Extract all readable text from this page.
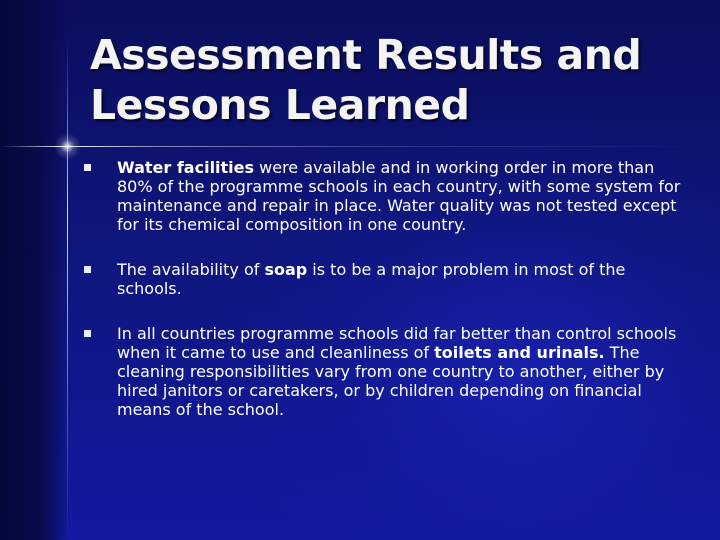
Assessment Results and
Lessons Learned
Water facilities were available and in working order in more than 80% of the programme schools in each country, with some system for maintenance and repair in place. Water quality was not tested except for its chemical composition in one country.
The availability of soap is to be a major problem in most of the schools.
In all countries programme schools did far better than control schools when it came to use and cleanliness of toilets and urinals. The cleaning responsibilities vary from one country to another, either by hired janitors or caretakers, or by children depending on financial means of the school.
